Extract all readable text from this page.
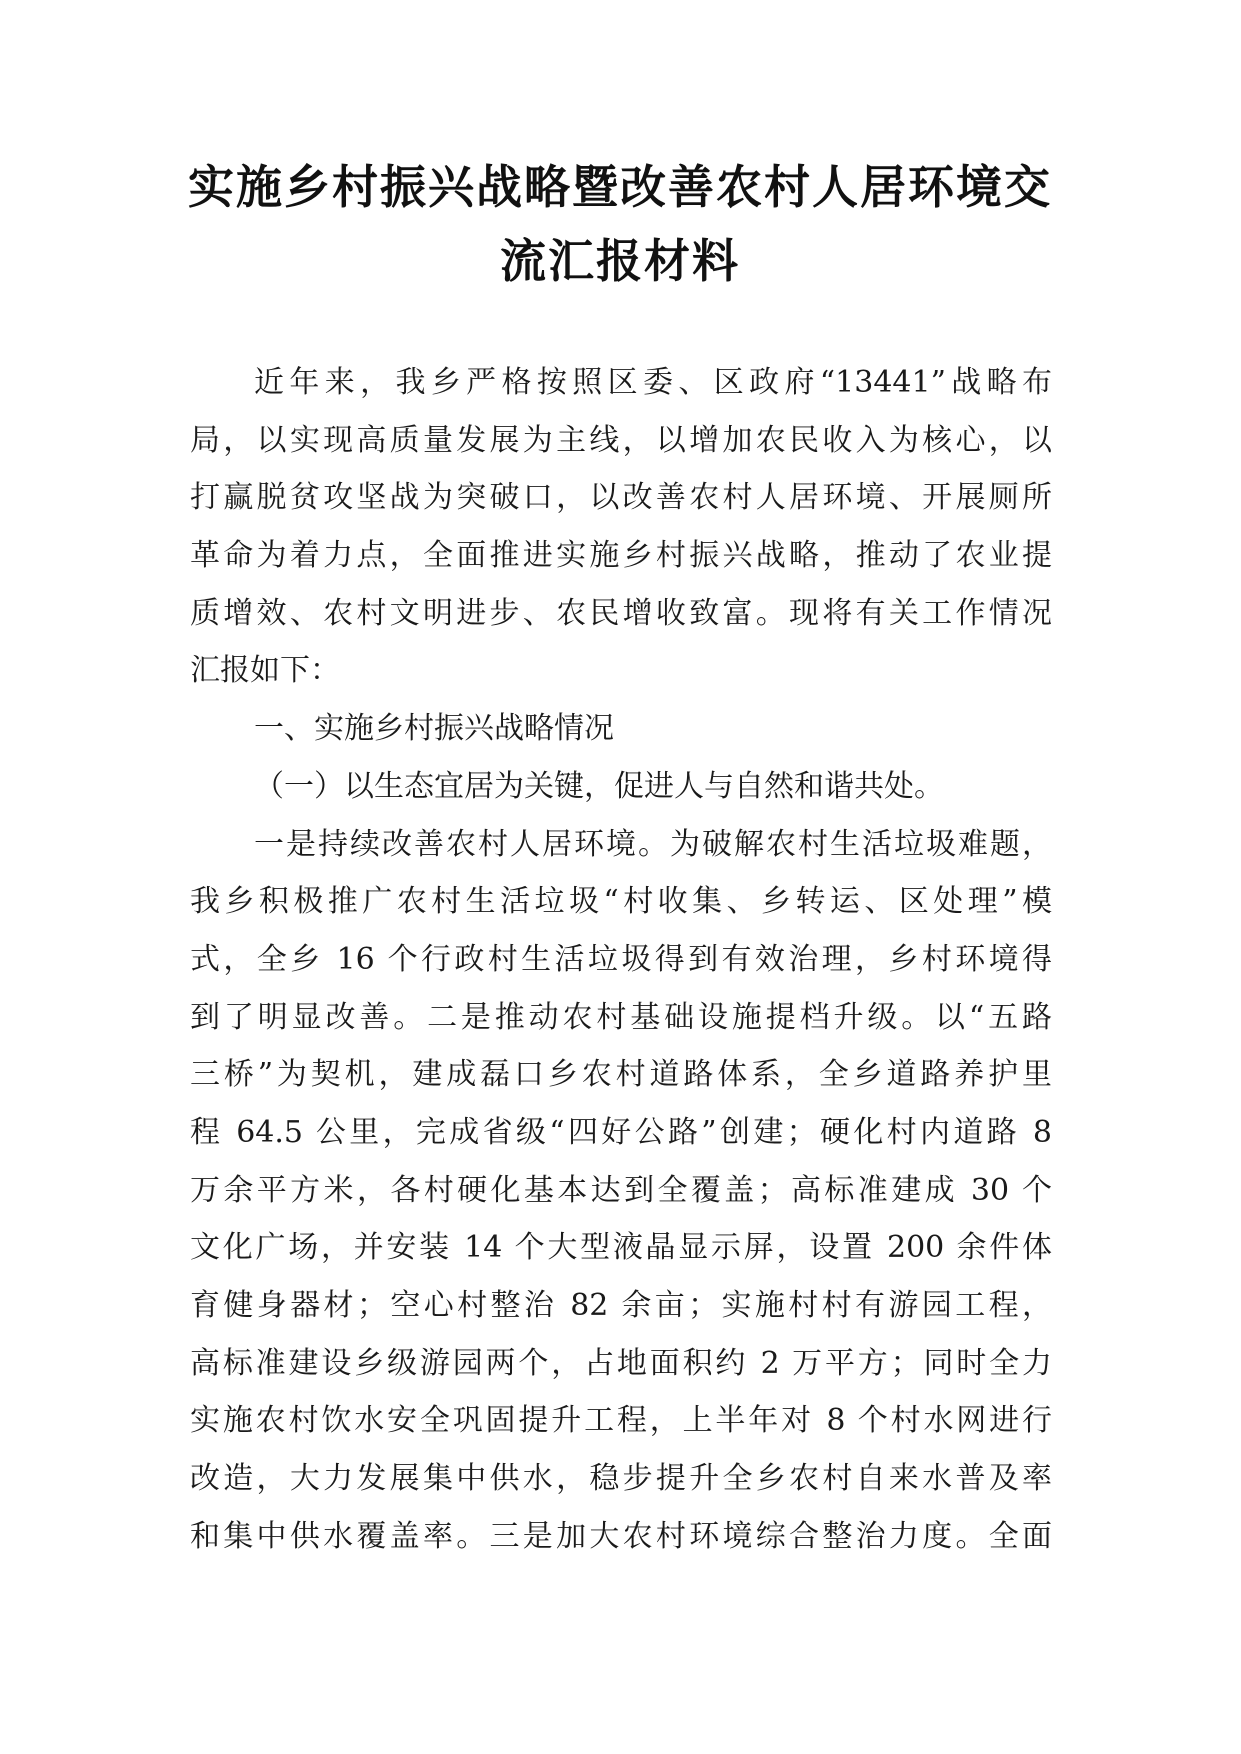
实施乡村振兴战略暨改善农村人居环境交
流汇报材料
近年来，我乡严格按照区委、区政府“13441”战略布
局，以实现高质量发展为主线，以增加农民收入为核心，以
打赢脱贫攻坚战为突破口，以改善农村人居环境、开展厕所
革命为着力点，全面推进实施乡村振兴战略，推动了农业提
质增效、农村文明进步、农民增收致富。现将有关工作情况
汇报如下：
一、实施乡村振兴战略情况
（一）以生态宜居为关键，促进人与自然和谐共处。
一是持续改善农村人居环境。为破解农村生活垃圾难题，
我乡积极推广农村生活垃圾“村收集、乡转运、区处理”模
式，全乡 16 个行政村生活垃圾得到有效治理，乡村环境得
到了明显改善。二是推动农村基础设施提档升级。以“五路
三桥”为契机，建成磊口乡农村道路体系，全乡道路养护里
程 64.5 公里，完成省级“四好公路”创建；硬化村内道路 8
万余平方米，各村硬化基本达到全覆盖；高标准建成 30 个
文化广场，并安装 14 个大型液晶显示屏，设置 200 余件体
育健身器材；空心村整治 82 余亩；实施村村有游园工程，
高标准建设乡级游园两个，占地面积约 2 万平方；同时全力
实施农村饮水安全巩固提升工程，上半年对 8 个村水网进行
改造，大力发展集中供水，稳步提升全乡农村自来水普及率
和集中供水覆盖率。三是加大农村环境综合整治力度。全面
